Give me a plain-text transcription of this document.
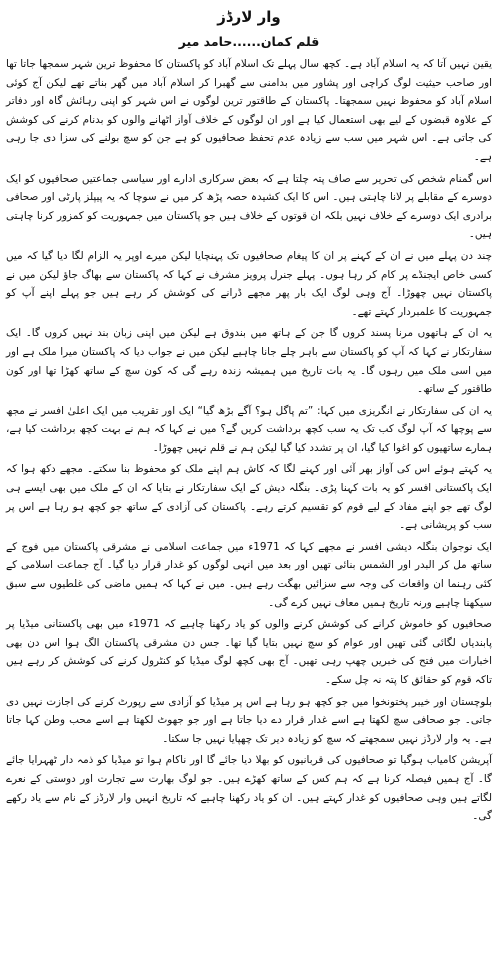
وار لارڈز
قلم کمان......حامد میر

یقین نہیں آتا کہ یہ اسلام آباد ہے۔ کچھ سال پہلے تک اسلام آباد کو پاکستان کا محفوظ ترین شہر سمجھا جاتا تھا اور صاحب حیثیت لوگ کراچی اور پشاور میں بدامنی سے گھبرا کر اسلام آباد میں گھر بناتے تھے لیکن آج کوئی اسلام آباد کو محفوظ نہیں سمجھتا۔ پاکستان کے طاقتور ترین لوگوں نے اس شہر کو اپنی رہائش گاہ اور دفاتر کے علاوہ قبضوں کے لیے بھی استعمال کیا ہے اور ان لوگوں کے خلاف آواز اٹھانے والوں کو بدنام کرنے کی کوشش کی جاتی ہے۔ اس شہر میں سب سے زیادہ عدم تحفظ صحافیوں کو ہے جن کو سچ بولنے کی سزا دی جا رہی ہے۔

اس گمنام شخص کی تحریر سے صاف پتہ چلتا ہے کہ بعض سرکاری ادارے اور سیاسی جماعتیں صحافیوں کو ایک دوسرے کے مقابلے پر لانا چاہتی ہیں۔ اس کا ایک کشیدہ حصہ پڑھ کر میں نے سوچا کہ یہ پیپلز پارٹی اور صحافی برادری ایک دوسرے کے خلاف نہیں بلکہ ان قوتوں کے خلاف ہیں جو پاکستان میں جمہوریت کو کمزور کرنا چاہتی ہیں۔

چند دن پہلے میں نے ان کے کہنے پر ان کا پیغام صحافیوں تک پہنچایا لیکن میرے اوپر یہ الزام لگا دیا گیا کہ میں کسی خاص ایجنڈے پر کام کر رہا ہوں۔ پہلے جنرل پرویز مشرف نے کہا کہ پاکستان سے بھاگ جاؤ لیکن میں نے پاکستان نہیں چھوڑا۔ آج وہی لوگ ایک بار پھر مجھے ڈرانے کی کوشش کر رہے ہیں جو پہلے اپنے آپ کو جمہوریت کا علمبردار کہتے تھے۔

یہ ان کے ہاتھوں مرنا پسند کروں گا جن کے ہاتھ میں بندوق ہے لیکن میں اپنی زبان بند نہیں کروں گا۔ ایک سفارتکار نے کہا کہ آپ کو پاکستان سے باہر چلے جانا چاہیے لیکن میں نے جواب دیا کہ پاکستان میرا ملک ہے اور میں اسی ملک میں رہوں گا۔ یہ بات تاریخ میں ہمیشہ زندہ رہے گی کہ کون سچ کے ساتھ کھڑا تھا اور کون طاقتور کے ساتھ۔

یہ ان کی سفارتکار نے انگریزی میں کہا: ”تم پاگل ہو؟ آگے بڑھ گیا“ ایک اور تقریب میں ایک اعلیٰ افسر نے مجھ سے پوچھا کہ آپ لوگ کب تک یہ سب کچھ برداشت کریں گے؟ میں نے کہا کہ ہم نے بہت کچھ برداشت کیا ہے، ہمارے ساتھیوں کو اغوا کیا گیا، ان پر تشدد کیا گیا لیکن ہم نے قلم نہیں چھوڑا۔

یہ کہتے ہوئے اس کی آواز بھر آئی اور کہنے لگا کہ کاش ہم اپنے ملک کو محفوظ بنا سکتے۔ مجھے دکھ ہوا کہ ایک پاکستانی افسر کو یہ بات کہنا پڑی۔ بنگلہ دیش کے ایک سفارتکار نے بتایا کہ ان کے ملک میں بھی ایسے ہی لوگ تھے جو اپنے مفاد کے لیے قوم کو تقسیم کرتے رہے۔ پاکستان کی آزادی کے ساتھ جو کچھ ہو رہا ہے اس پر سب کو پریشانی ہے۔

ایک نوجوان بنگلہ دیشی افسر نے مجھے کہا کہ 1971ء میں جماعت اسلامی نے مشرقی پاکستان میں فوج کے ساتھ مل کر البدر اور الشمس بنائی تھیں اور بعد میں انہی لوگوں کو غدار قرار دیا گیا۔ آج جماعت اسلامی کے کئی رہنما ان واقعات کی وجہ سے سزائیں بھگت رہے ہیں۔ میں نے کہا کہ ہمیں ماضی کی غلطیوں سے سبق سیکھنا چاہیے ورنہ تاریخ ہمیں معاف نہیں کرے گی۔

صحافیوں کو خاموش کرانے کی کوشش کرنے والوں کو یاد رکھنا چاہیے کہ 1971ء میں بھی پاکستانی میڈیا پر پابندیاں لگائی گئی تھیں اور عوام کو سچ نہیں بتایا گیا تھا۔ جس دن مشرقی پاکستان الگ ہوا اس دن بھی اخبارات میں فتح کی خبریں چھپ رہی تھیں۔ آج بھی کچھ لوگ میڈیا کو کنٹرول کرنے کی کوشش کر رہے ہیں تاکہ قوم کو حقائق کا پتہ نہ چل سکے۔

بلوچستان اور خیبر پختونخوا میں جو کچھ ہو رہا ہے اس پر میڈیا کو آزادی سے رپورٹ کرنے کی اجازت نہیں دی جاتی۔ جو صحافی سچ لکھتا ہے اسے غدار قرار دے دیا جاتا ہے اور جو جھوٹ لکھتا ہے اسے محب وطن کہا جاتا ہے۔ یہ وار لارڈز نہیں سمجھتے کہ سچ کو زیادہ دیر تک چھپایا نہیں جا سکتا۔

آپریشن کامیاب ہوگیا تو صحافیوں کی قربانیوں کو بھلا دیا جائے گا اور ناکام ہوا تو میڈیا کو ذمہ دار ٹھہرایا جائے گا۔ آج ہمیں فیصلہ کرنا ہے کہ ہم کس کے ساتھ کھڑے ہیں۔ جو لوگ بھارت سے تجارت اور دوستی کے نعرے لگاتے ہیں وہی صحافیوں کو غدار کہتے ہیں۔ ان کو یاد رکھنا چاہیے کہ تاریخ انہیں وار لارڈز کے نام سے یاد رکھے گی۔
